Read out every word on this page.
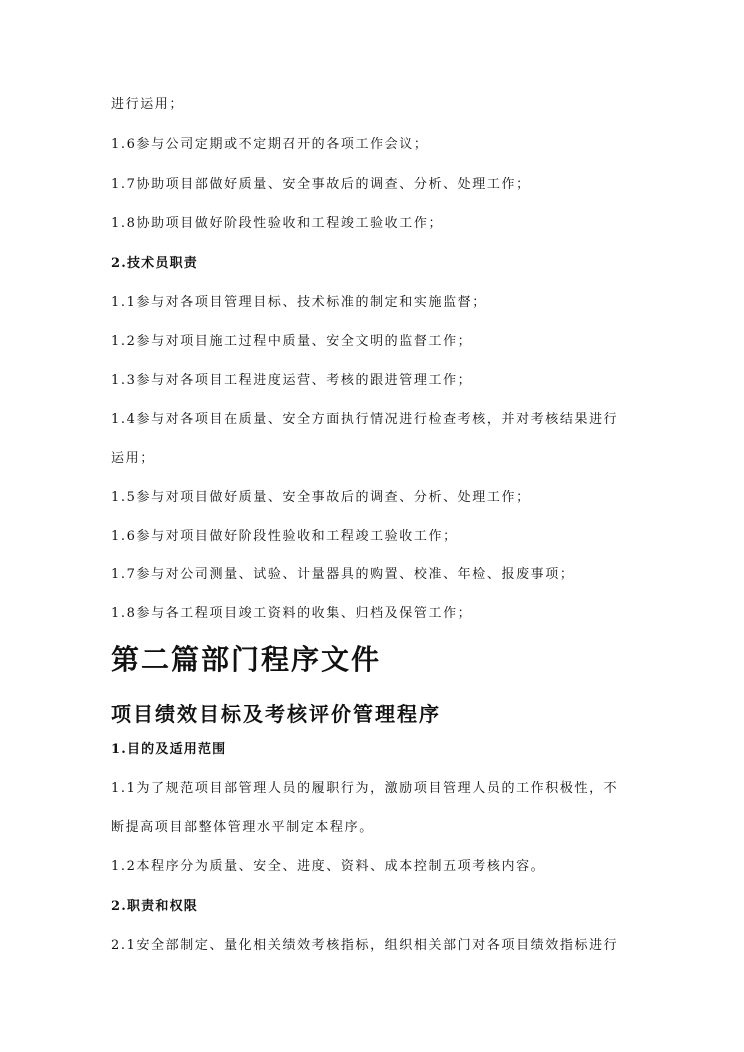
进行运用；
1.6参与公司定期或不定期召开的各项工作会议；
1.7协助项目部做好质量、安全事故后的调查、分析、处理工作；
1.8协助项目做好阶段性验收和工程竣工验收工作；
2.技术员职责
1.1参与对各项目管理目标、技术标准的制定和实施监督；
1.2参与对项目施工过程中质量、安全文明的监督工作；
1.3参与对各项目工程进度运营、考核的跟进管理工作；
1.4参与对各项目在质量、安全方面执行情况进行检查考核，并对考核结果进行
运用；
1.5参与对项目做好质量、安全事故后的调查、分析、处理工作；
1.6参与对项目做好阶段性验收和工程竣工验收工作；
1.7参与对公司测量、试验、计量器具的购置、校准、年检、报废事项；
1.8参与各工程项目竣工资料的收集、归档及保管工作；
第二篇部门程序文件
项目绩效目标及考核评价管理程序
1.目的及适用范围
1.1为了规范项目部管理人员的履职行为，激励项目管理人员的工作积极性，不
断提高项目部整体管理水平制定本程序。
1.2本程序分为质量、安全、进度、资料、成本控制五项考核内容。
2.职责和权限
2.1安全部制定、量化相关绩效考核指标，组织相关部门对各项目绩效指标进行
